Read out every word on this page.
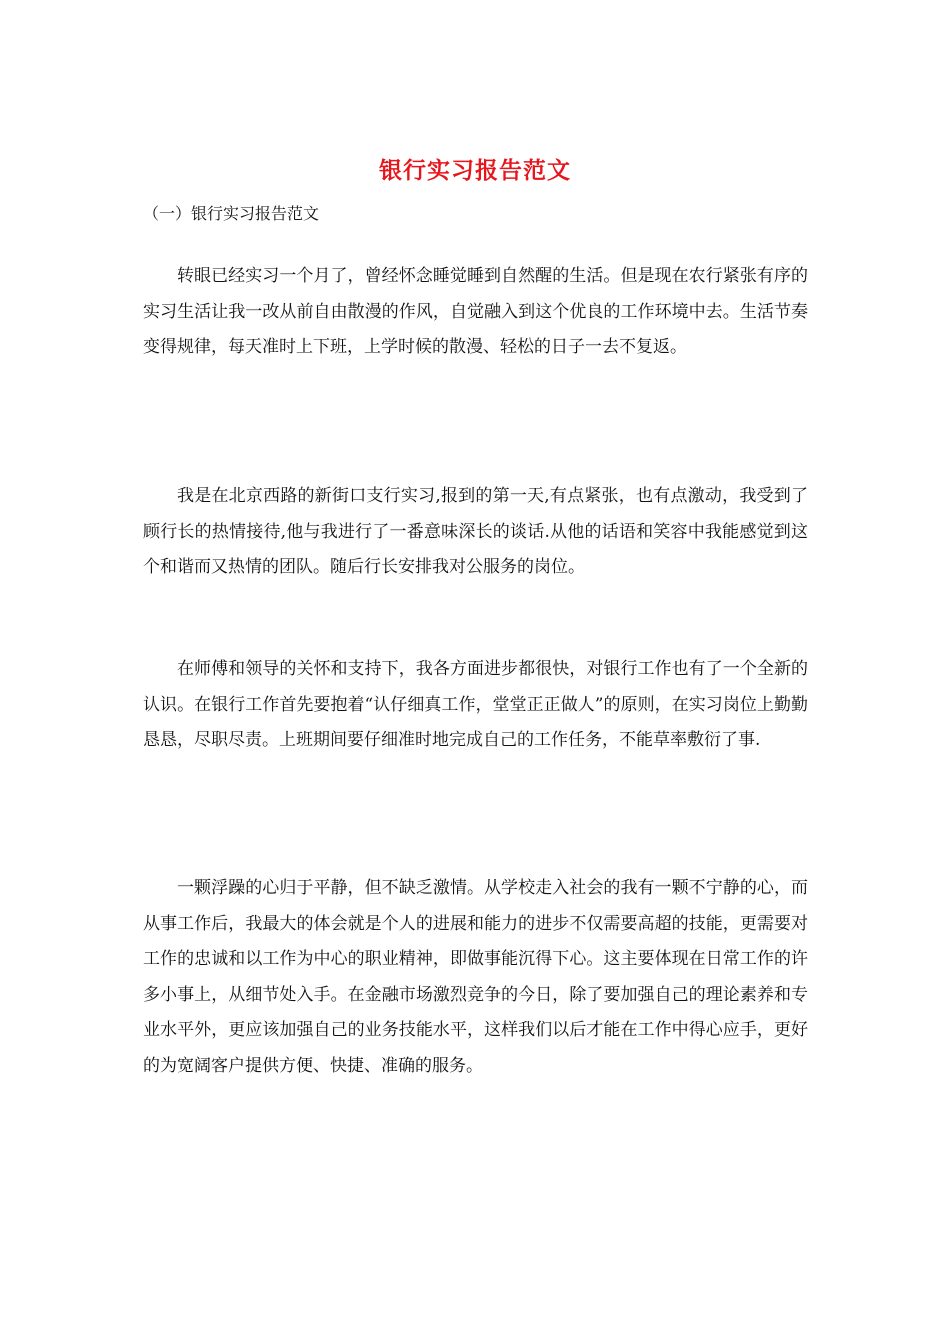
银行实习报告范文

（一）银行实习报告范文

转眼已经实习一个月了，曾经怀念睡觉睡到自然醒的生活。但是现在农行紧张有序的实习生活让我一改从前自由散漫的作风，自觉融入到这个优良的工作环境中去。生活节奏变得规律，每天准时上下班，上学时候的散漫、轻松的日子一去不复返。

我是在北京西路的新街口支行实习,报到的第一天,有点紧张，也有点激动，我受到了顾行长的热情接待,他与我进行了一番意味深长的谈话.从他的话语和笑容中我能感觉到这个和谐而又热情的团队。随后行长安排我对公服务的岗位。

在师傅和领导的关怀和支持下，我各方面进步都很快，对银行工作也有了一个全新的认识。在银行工作首先要抱着“认仔细真工作，堂堂正正做人”的原则，在实习岗位上勤勤恳恳，尽职尽责。上班期间要仔细准时地完成自己的工作任务，不能草率敷衍了事.

一颗浮躁的心归于平静，但不缺乏激情。从学校走入社会的我有一颗不宁静的心，而从事工作后，我最大的体会就是个人的进展和能力的进步不仅需要高超的技能，更需要对工作的忠诚和以工作为中心的职业精神，即做事能沉得下心。这主要体现在日常工作的许多小事上，从细节处入手。在金融市场激烈竞争的今日，除了要加强自己的理论素养和专业水平外，更应该加强自己的业务技能水平，这样我们以后才能在工作中得心应手，更好的为宽阔客户提供方便、快捷、准确的服务。
